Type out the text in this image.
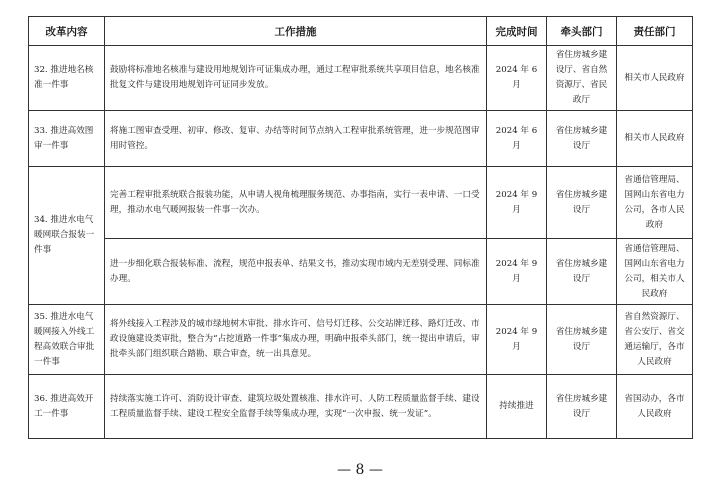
改革内容	工作措施	完成时间	牵头部门	责任部门
32. 推进地名核准一件事	鼓励将标准地名核准与建设用地规划许可证集成办理，通过工程审批系统共享项目信息，地名核准批复文件与建设用地规划许可证同步发放。	2024 年 6 月	省住房城乡建设厅、省自然资源厅、省民政厅	相关市人民政府
33. 推进高效图审一件事	将施工图审查受理、初审、修改、复审、办结等时间节点纳入工程审批系统管理，进一步规范图审用时管控。	2024 年 6 月	省住房城乡建设厅	相关市人民政府
34. 推进水电气暖网联合报装一件事	完善工程审批系统联合报装功能，从申请人视角梳理服务规范、办事指南，实行一表申请、一口受理，推动水电气暖网报装一件事一次办。	2024 年 9 月	省住房城乡建设厅	省通信管理局、国网山东省电力公司，各市人民政府
	进一步细化联合报装标准、流程，规范申报表单、结果文书，推动实现市域内无差别受理、同标准办理。	2024 年 9 月	省住房城乡建设厅	省通信管理局、国网山东省电力公司，相关市人民政府
35. 推进水电气暖网接入外线工程高效联合审批一件事	将外线接入工程涉及的城市绿地树木审批、排水许可、信号灯迁移、公交站牌迁移、路灯迁改、市政设施建设类审批，整合为“占挖道路一件事”集成办理，明确申报牵头部门，统一提出申请后，审批牵头部门组织联合踏勘、联合审查，统一出具意见。	2024 年 9 月	省住房城乡建设厅	省自然资源厅、省公安厅、省交通运输厅，各市人民政府
36. 推进高效开工一件事	持续落实施工许可、消防设计审查、建筑垃圾处置核准、排水许可、人防工程质量监督手续、建设工程质量监督手续、建设工程安全监督手续等集成办理，实现“一次申报、统一发证”。	持续推进	省住房城乡建设厅	省国动办，各市人民政府
— 8 —
